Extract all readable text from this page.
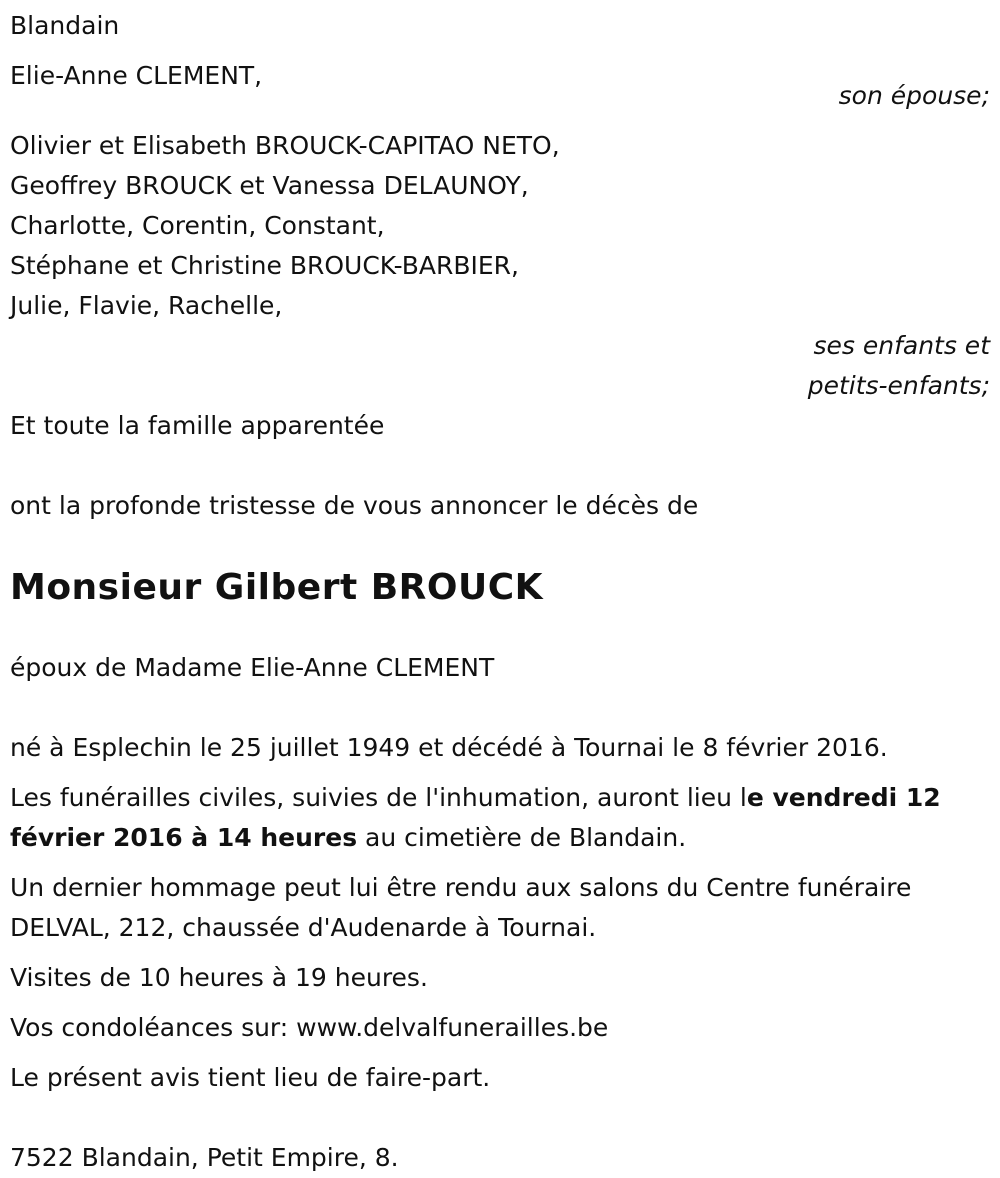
Blandain
Elie-Anne CLEMENT,
son épouse;
Olivier et Elisabeth BROUCK-CAPITAO NETO,
Geoffrey BROUCK et Vanessa DELAUNOY,
Charlotte, Corentin, Constant,
Stéphane et Christine BROUCK-BARBIER,
Julie, Flavie, Rachelle,
ses enfants et
petits-enfants;
Et toute la famille apparentée
ont la profonde tristesse de vous annoncer le décès de
Monsieur Gilbert BROUCK
époux de Madame Elie-Anne CLEMENT
né à Esplechin le 25 juillet 1949 et décédé à Tournai le 8 février 2016.
Les funérailles civiles, suivies de l'inhumation, auront lieu le vendredi 12 février 2016 à 14 heures au cimetière de Blandain.
Un dernier hommage peut lui être rendu aux salons du Centre funéraire DELVAL, 212, chaussée d'Audenarde à Tournai.
Visites de 10 heures à 19 heures.
Vos condoléances sur: www.delvalfunerailles.be
Le présent avis tient lieu de faire-part.
7522 Blandain, Petit Empire, 8.
